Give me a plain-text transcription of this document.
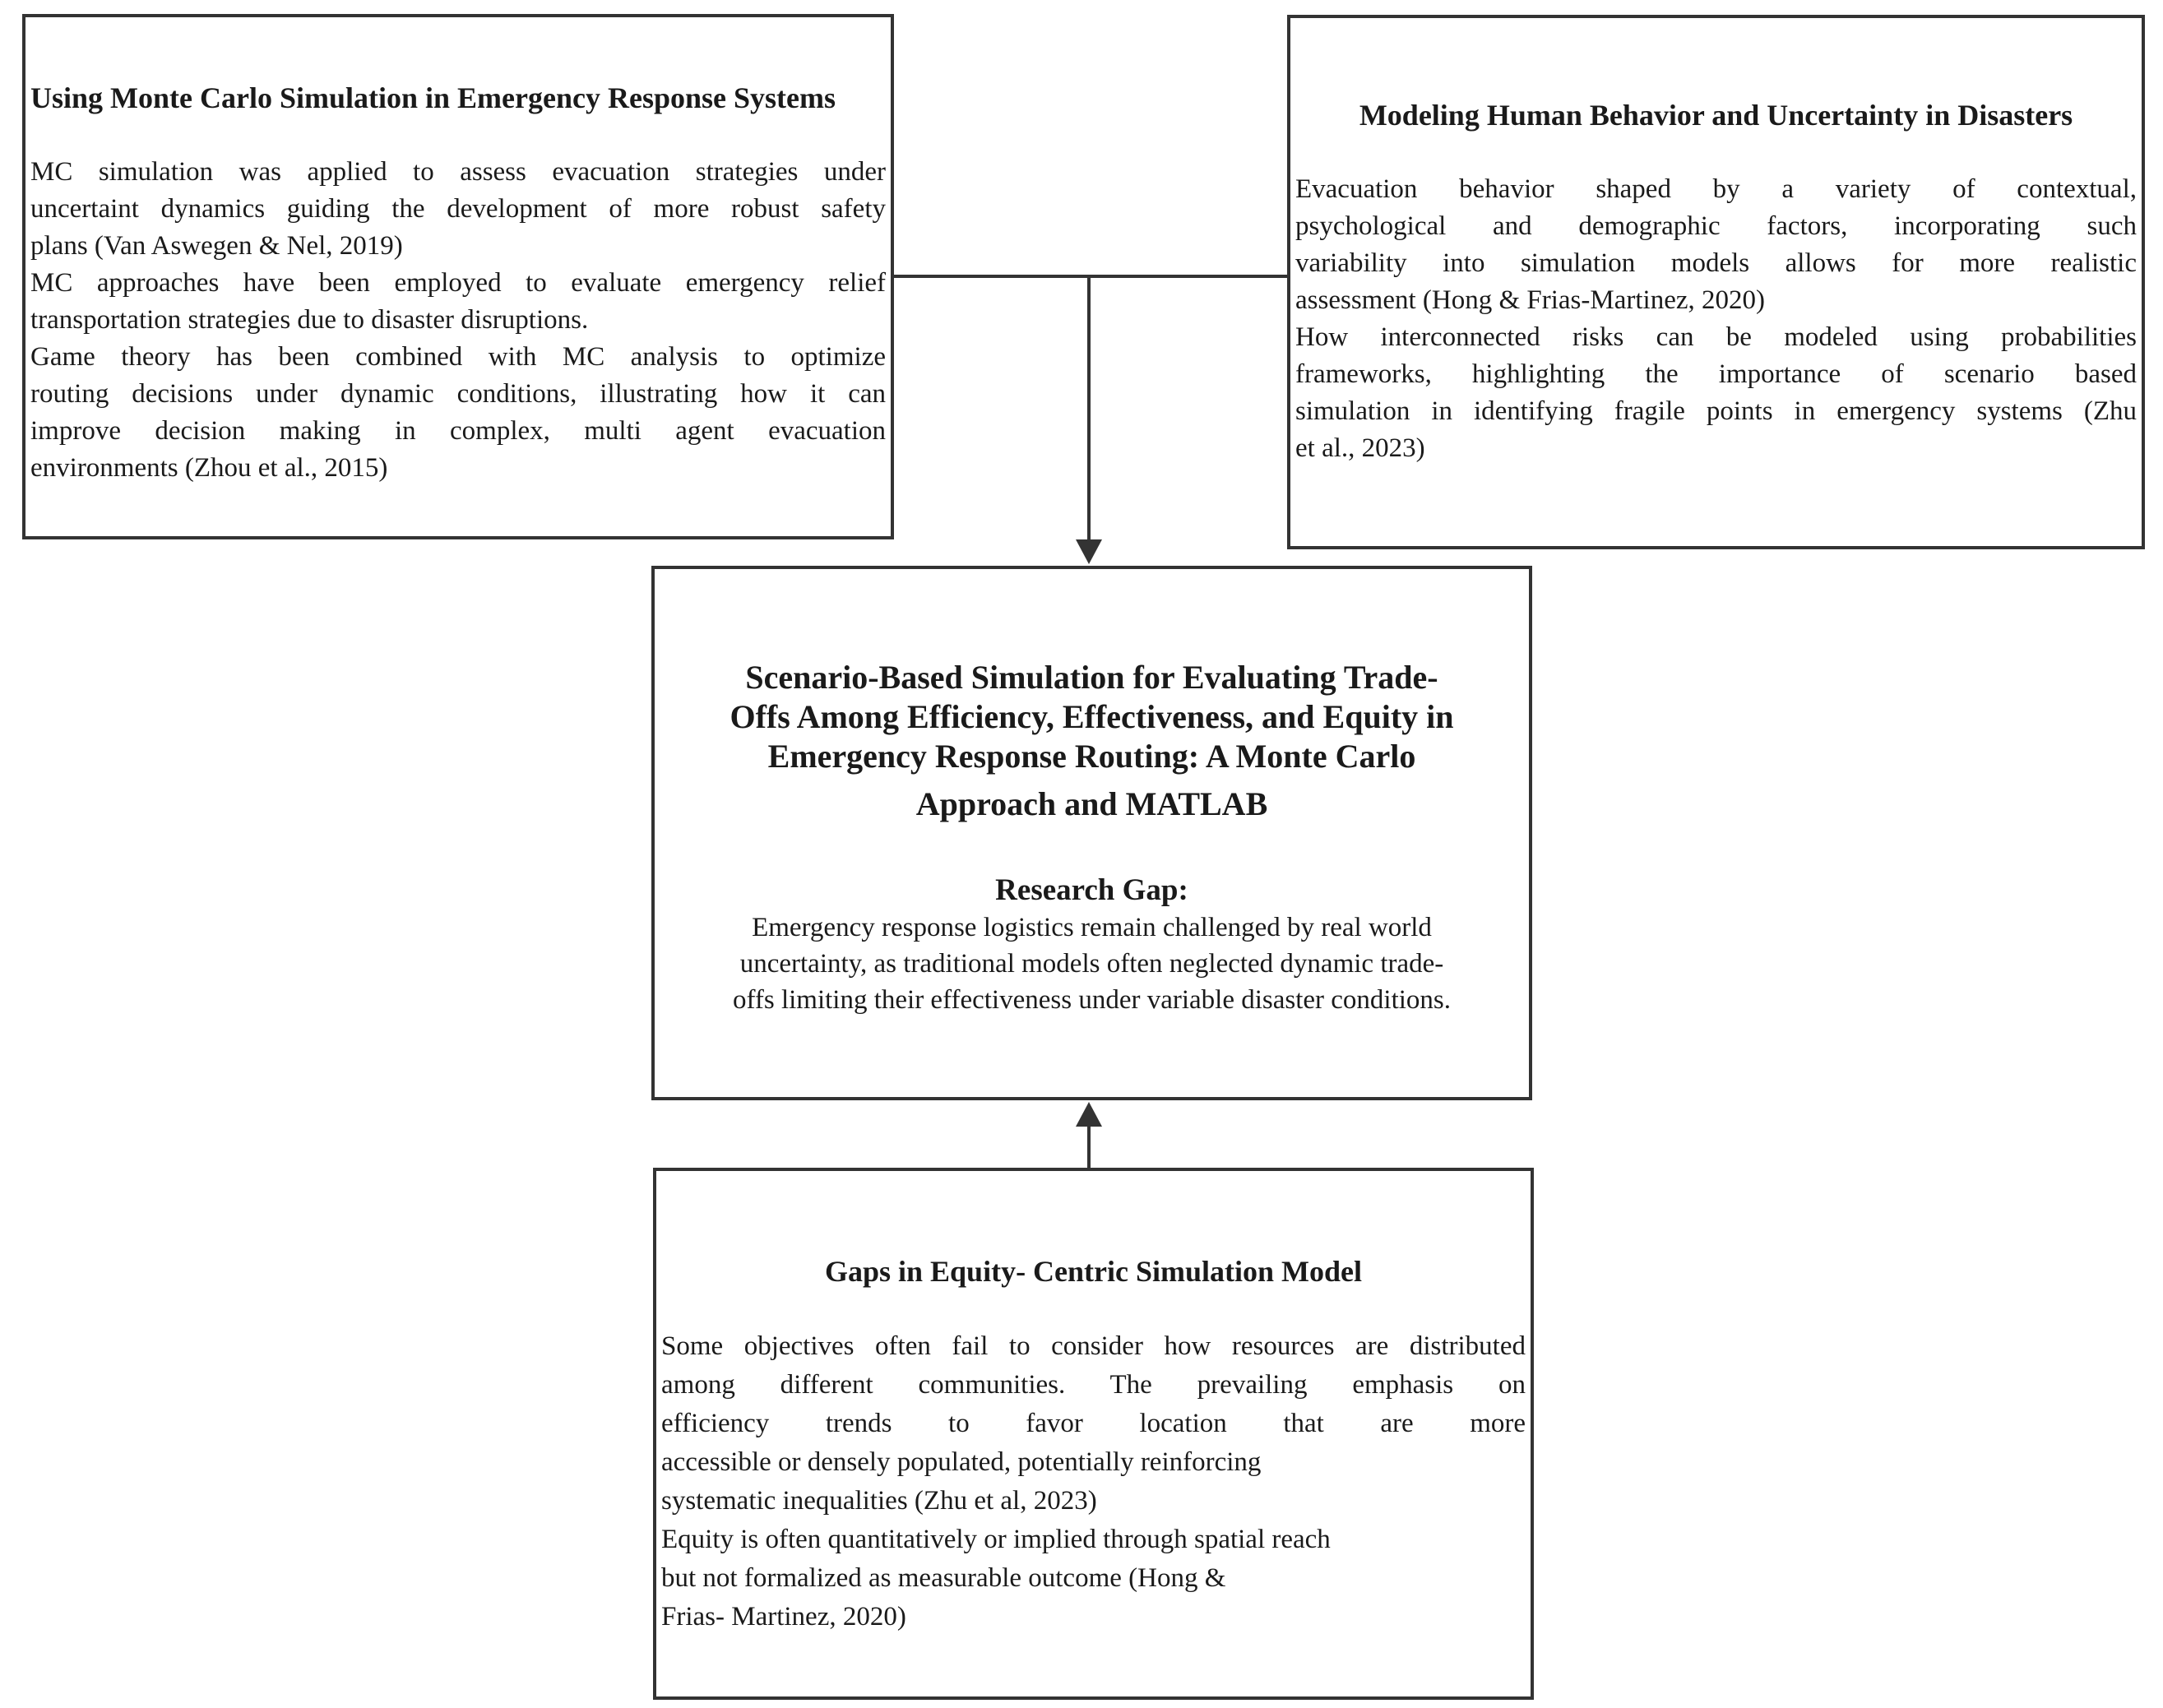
Using Monte Carlo Simulation in Emergency Response Systems
MC simulation was applied to assess evacuation strategies under
uncertaint dynamics guiding the development of more robust safety
plans (Van Aswegen & Nel, 2019)
MC approaches have been employed to evaluate emergency relief
transportation strategies due to disaster disruptions.
Game theory has been combined with MC analysis to optimize
routing decisions under dynamic conditions, illustrating how it can
improve decision making in complex, multi agent evacuation
environments (Zhou et al., 2015)
Modeling Human Behavior and Uncertainty in Disasters
Evacuation behavior shaped by a variety of contextual,
psychological and demographic factors, incorporating such
variability into simulation models allows for more realistic
assessment (Hong & Frias-Martinez, 2020)
How interconnected risks can be modeled using probabilities
frameworks, highlighting the importance of scenario based
simulation in identifying fragile points in emergency systems (Zhu
et al., 2023)
Scenario-Based Simulation for Evaluating Trade-
Offs Among Efficiency, Effectiveness, and Equity in
Emergency Response Routing: A Monte Carlo
Approach and MATLAB
Research Gap:
Emergency response logistics remain challenged by real world
uncertainty, as traditional models often neglected dynamic trade-
offs limiting their effectiveness under variable disaster conditions.
Gaps in Equity- Centric Simulation Model
Some objectives often fail to consider how resources are distributed
among different communities. The prevailing emphasis on
efficiency trends to favor location that are more
accessible or densely populated, potentially reinforcing
systematic inequalities (Zhu et al, 2023)
Equity is often quantitatively or implied through spatial reach
but not formalized as measurable outcome (Hong &
Frias- Martinez, 2020)
